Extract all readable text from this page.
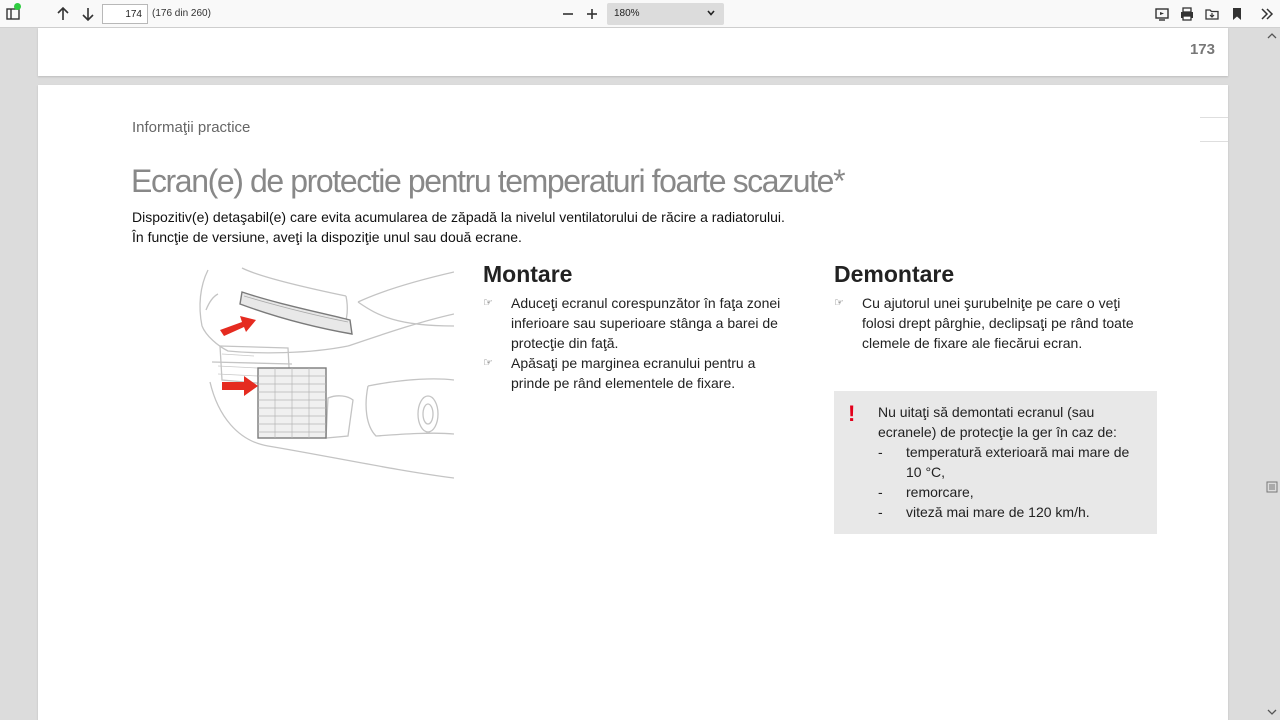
174
(176 din 260)	180%
173
Informaţii practice
Ecran(e) de protectie pentru temperaturi foarte scazute*
Dispozitiv(e) detaşabil(e) care evita acumularea de zăpadă la nivelul ventilatorului de răcire a radiatorului.
În funcţie de versiune, aveţi la dispoziţie unul sau două ecrane.
Montare
☞ Aduceţi ecranul corespunzător în faţa zonei inferioare sau superioare stânga a barei de protecţie din faţă.
☞ Apăsaţi pe marginea ecranului pentru a prinde pe rând elementele de fixare.
Demontare
☞ Cu ajutorul unei şurubelniţe pe care o veţi folosi drept pârghie, declipsaţi pe rând toate clemele de fixare ale fiecărui ecran.
! Nu uitaţi să demontati ecranul (sau ecranele) de protecţie la ger în caz de:
- temperatură exterioară mai mare de 10 °C,
- remorcare,
- viteză mai mare de 120 km/h.
